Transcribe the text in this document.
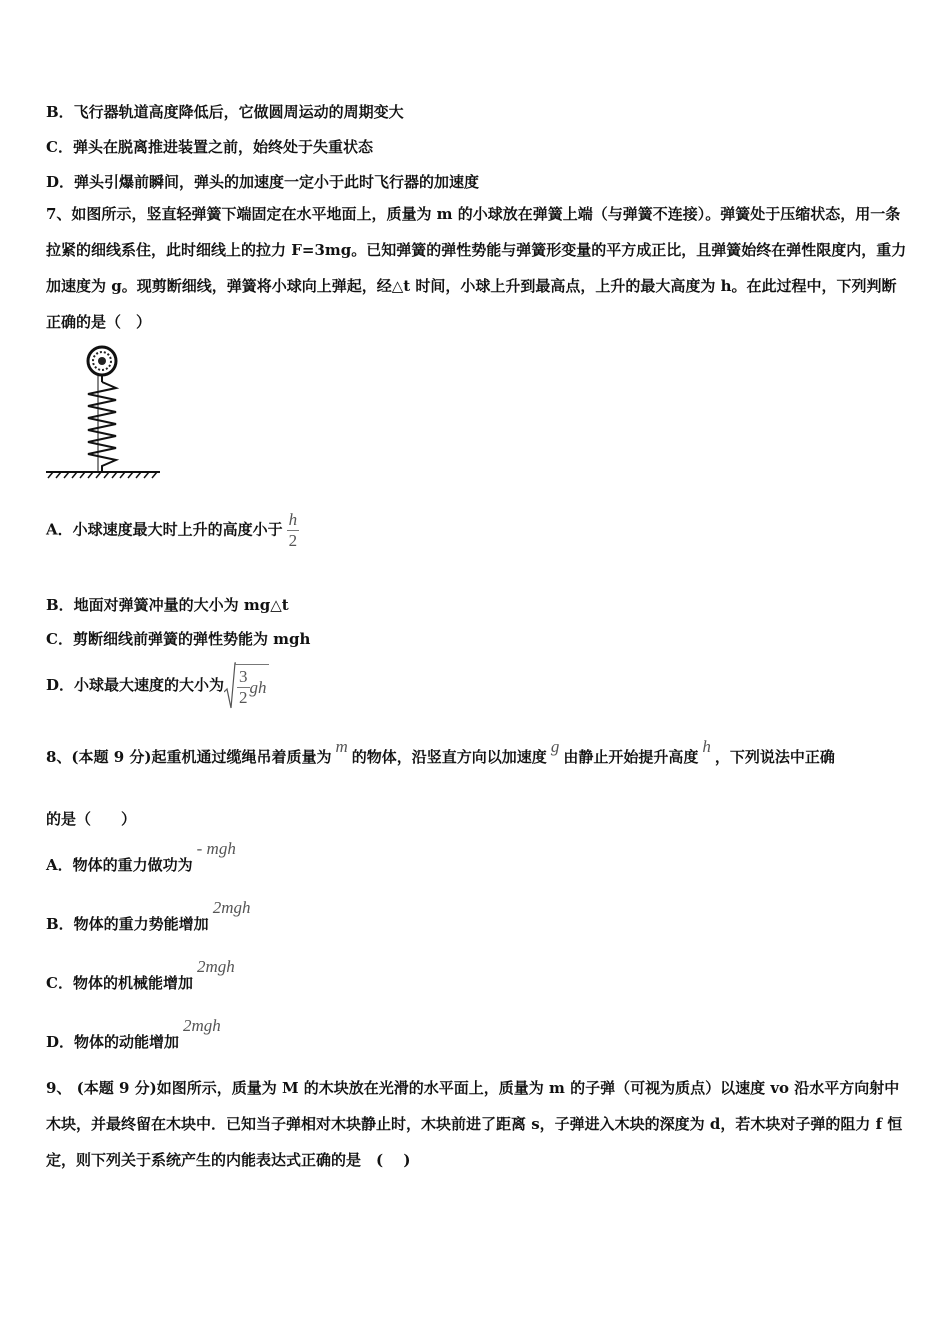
B．飞行器轨道高度降低后，它做圆周运动的周期变大
C．弹头在脱离推进装置之前，始终处于失重状态
D．弹头引爆前瞬间，弹头的加速度一定小于此时飞行器的加速度
7、如图所示，竖直轻弹簧下端固定在水平地面上，质量为 m 的小球放在弹簧上端（与弹簧不连接）。弹簧处于压缩状态，用一条拉紧的细线系住，此时细线上的拉力 F=3mg。已知弹簧的弹性势能与弹簧形变量的平方成正比，且弹簧始终在弹性限度内，重力加速度为 g。现剪断细线，弹簧将小球向上弹起，经△t 时间，小球上升到最高点，上升的最大高度为 h。在此过程中，下列判断正确的是（　）
A．小球速度最大时上升的高度小于 $\frac{h}{2}$
B．地面对弹簧冲量的大小为 mg△t
C．剪断细线前弹簧的弹性势能为 mgh
D．小球最大速度的大小为 $\frac{3}{2}$ gh
8、(本题 9 分)起重机通过缆绳吊着质量为m的物体，沿竖直方向以加速度g由静止开始提升高度h，下列说法中正确
的是（　　）
A．物体的重力做功为- mgh
B．物体的重力势能增加2mgh
C．物体的机械能增加2mgh
D．物体的动能增加2mgh
9、 (本题 9 分)如图所示，质量为 M 的木块放在光滑的水平面上，质量为 m 的子弹（可视为质点）以速度 vo 沿水平方向射中木块，并最终留在木块中．已知当子弹相对木块静止时，木块前进了距离 s，子弹进入木块的深度为 d，若木块对子弹的阻力 f 恒定，则下列关于系统产生的内能表达式正确的是　( 　)
